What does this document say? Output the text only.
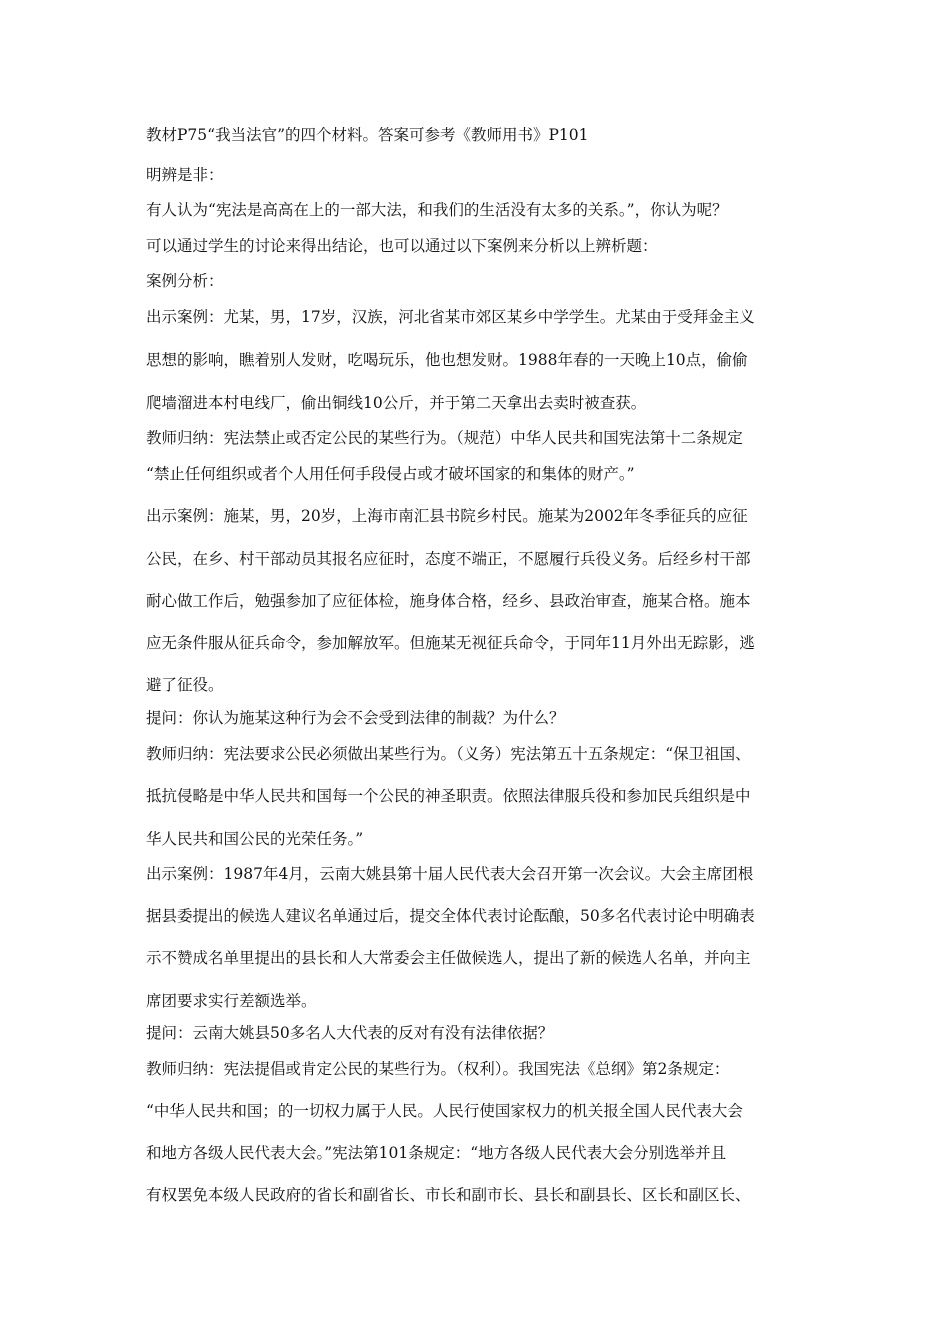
教材P75“我当法官”的四个材料。答案可参考《教师用书》P101
明辨是非：
有人认为“宪法是高高在上的一部大法，和我们的生活没有太多的关系。”，你认为呢？
可以通过学生的讨论来得出结论，也可以通过以下案例来分析以上辨析题：
案例分析：
出示案例：尤某，男，17岁，汉族，河北省某市郊区某乡中学学生。尤某由于受拜金主义
思想的影响，瞧着别人发财，吃喝玩乐，他也想发财。1988年春的一天晚上10点，偷偷
爬墙溜进本村电线厂，偷出铜线10公斤，并于第二天拿出去卖时被查获。
教师归纳：宪法禁止或否定公民的某些行为。（规范）中华人民共和国宪法第十二条规定
“禁止任何组织或者个人用任何手段侵占或才破坏国家的和集体的财产。”
出示案例：施某，男，20岁，上海市南汇县书院乡村民。施某为2002年冬季征兵的应征
公民，在乡、村干部动员其报名应征时，态度不端正，不愿履行兵役义务。后经乡村干部
耐心做工作后，勉强参加了应征体检，施身体合格，经乡、县政治审查，施某合格。施本
应无条件服从征兵命令，参加解放军。但施某无视征兵命令，于同年11月外出无踪影，逃
避了征役。
提问：你认为施某这种行为会不会受到法律的制裁？为什么？
教师归纳：宪法要求公民必须做出某些行为。（义务）宪法第五十五条规定：“保卫祖国、
抵抗侵略是中华人民共和国每一个公民的神圣职责。依照法律服兵役和参加民兵组织是中
华人民共和国公民的光荣任务。”
出示案例：1987年4月，云南大姚县第十届人民代表大会召开第一次会议。大会主席团根
据县委提出的候选人建议名单通过后，提交全体代表讨论酝酿，50多名代表讨论中明确表
示不赞成名单里提出的县长和人大常委会主任做候选人，提出了新的候选人名单，并向主
席团要求实行差额选举。
提问：云南大姚县50多名人大代表的反对有没有法律依据？
教师归纳：宪法提倡或肯定公民的某些行为。（权利）。我国宪法《总纲》第2条规定：
“中华人民共和国；的一切权力属于人民。人民行使国家权力的机关报全国人民代表大会
和地方各级人民代表大会。”宪法第101条规定：“地方各级人民代表大会分别选举并且
有权罢免本级人民政府的省长和副省长、市长和副市长、县长和副县长、区长和副区长、
